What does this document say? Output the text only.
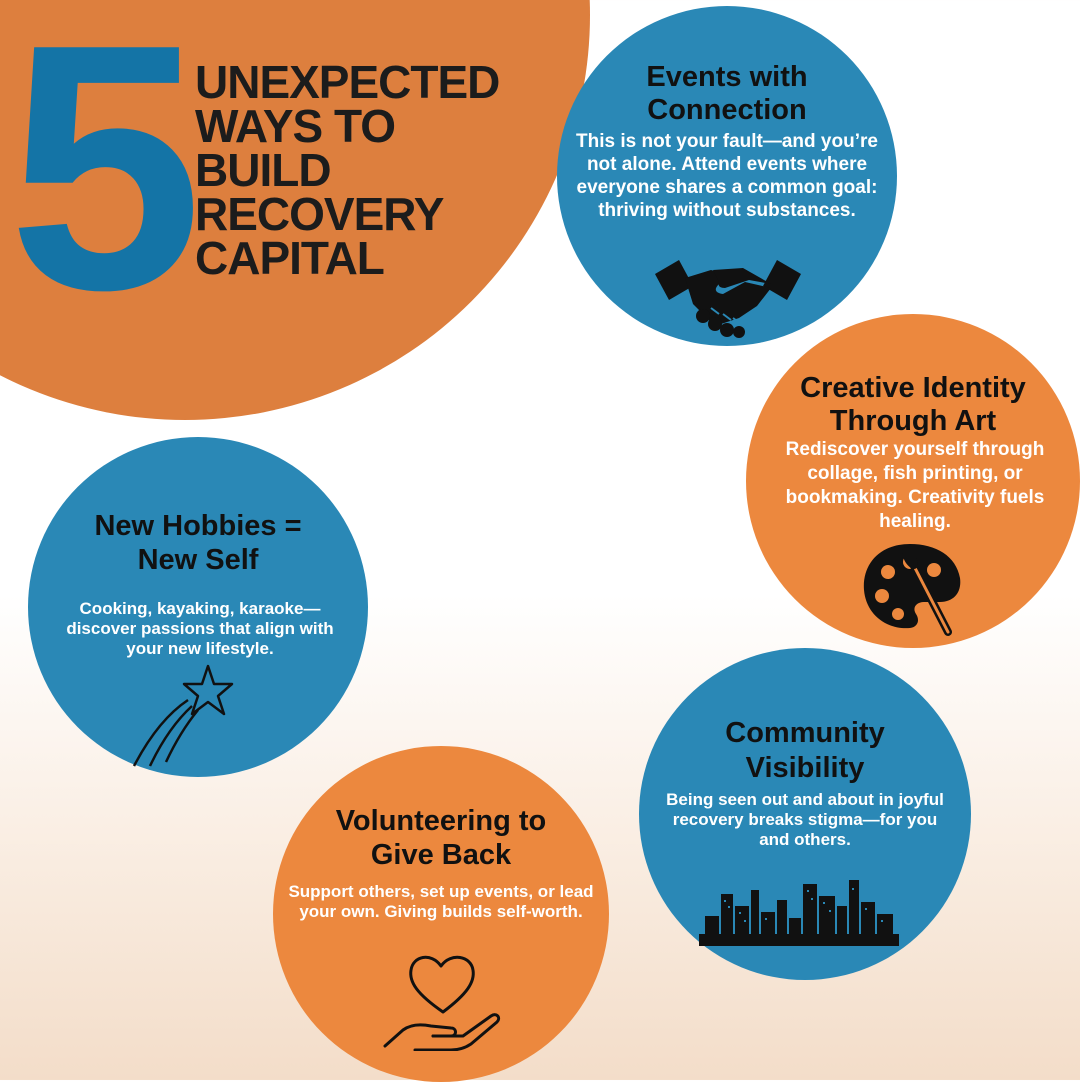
5
UNEXPECTED
WAYS TO
BUILD
RECOVERY
CAPITAL
Events with
Connection

This is not your fault—and you’re not alone. Attend events where everyone shares a common goal: thriving without substances.

Creative Identity
Through Art

Rediscover yourself through collage, fish printing, or bookmaking. Creativity fuels healing.

New Hobbies =
New Self

Cooking, kayaking, karaoke—discover passions that align with your new lifestyle.

Community
Visibility

Being seen out and about in joyful recovery breaks stigma—for you and others.

Volunteering to
Give Back

Support others, set up events, or lead your own. Giving builds self-worth.
